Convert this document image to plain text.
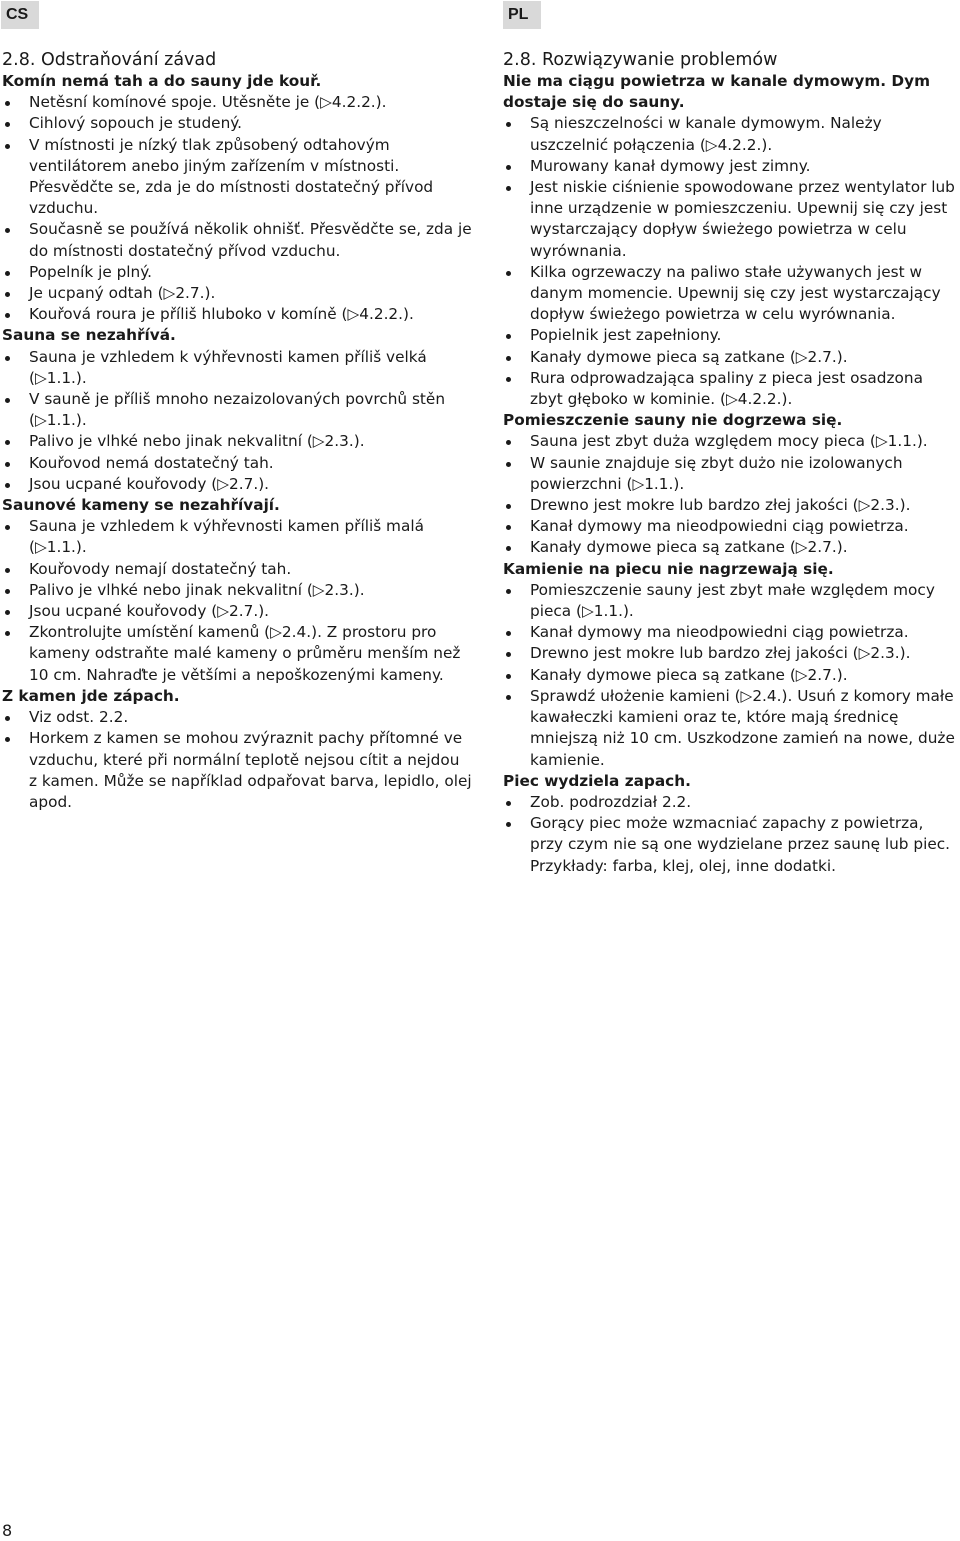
CS	PL
2.8. Odstraňování závad

Komín nemá tah a do sauny jde kouř.

Netěsní komínové spoje. Utěsněte je (▷4.2.2.).
Cihlový sopouch je studený.
V místnosti je nízký tlak způsobený odtahovým ventilátorem anebo jiným zařízením v místnosti. Přesvědčte se, zda je do místnosti dostatečný přívod vzduchu.
Současně se používá několik ohnišť. Přesvědčte se, zda je do místnosti dostatečný přívod vzduchu.
Popelník je plný.
Je ucpaný odtah (▷2.7.).
Kouřová roura je příliš hluboko v komíně (▷4.2.2.).

Sauna se nezahřívá.

Sauna je vzhledem k výhřevnosti kamen příliš velká (▷1.1.).
V sauně je příliš mnoho nezaizolovaných povrchů stěn (▷1.1.).
Palivo je vlhké nebo jinak nekvalitní (▷2.3.).
Kouřovod nemá dostatečný tah.
Jsou ucpané kouřovody (▷2.7.).

Saunové kameny se nezahřívají.

Sauna je vzhledem k výhřevnosti kamen příliš malá (▷1.1.).
Kouřovody nemají dostatečný tah.
Palivo je vlhké nebo jinak nekvalitní (▷2.3.).
Jsou ucpané kouřovody (▷2.7.).
Zkontrolujte umístění kamenů (▷2.4.). Z prostoru pro kameny odstraňte malé kameny o průměru menším než 10 cm. Nahraďte je většími a nepoškozenými kameny.

Z kamen jde zápach.

Viz odst. 2.2.
Horkem z kamen se mohou zvýraznit pachy přítomné ve vzduchu, které při normální teplotě nejsou cítit a nejdou z kamen. Může se například odpařovat barva, lepidlo, olej apod.
2.8. Rozwiązywanie problemów

Nie ma ciągu powietrza w kanale dymowym. Dym dostaje się do sauny.

Są nieszczelności w kanale dymowym. Należy uszczelnić połączenia (▷4.2.2.).
Murowany kanał dymowy jest zimny.
Jest niskie ciśnienie spowodowane przez wentylator lub inne urządzenie w pomieszczeniu. Upewnij się czy jest wystarczający dopływ świeżego powietrza w celu wyrównania.
Kilka ogrzewaczy na paliwo stałe używanych jest w danym momencie. Upewnij się czy jest wystarczający dopływ świeżego powietrza w celu wyrównania.
Popielnik jest zapełniony.
Kanały dymowe pieca są zatkane (▷2.7.).
Rura odprowadzająca spaliny z pieca jest osadzona zbyt głęboko w kominie. (▷4.2.2.).

Pomieszczenie sauny nie dogrzewa się.

Sauna jest zbyt duża względem mocy pieca (▷1.1.).
W saunie znajduje się zbyt dużo nie izolowanych powierzchni (▷1.1.).
Drewno jest mokre lub bardzo złej jakości (▷2.3.).
Kanał dymowy ma nieodpowiedni ciąg powietrza.
Kanały dymowe pieca są zatkane (▷2.7.).

Kamienie na piecu nie nagrzewają się.

Pomieszczenie sauny jest zbyt małe względem mocy pieca (▷1.1.).
Kanał dymowy ma nieodpowiedni ciąg powietrza.
Drewno jest mokre lub bardzo złej jakości (▷2.3.).
Kanały dymowe pieca są zatkane (▷2.7.).
Sprawdź ułożenie kamieni (▷2.4.). Usuń z komory małe kawałeczki kamieni oraz te, które mają średnicę mniejszą niż 10 cm. Uszkodzone zamień na nowe, duże kamienie.

Piec wydziela zapach.

Zob. podrozdział 2.2.
Gorący piec może wzmacniać zapachy z powietrza, przy czym nie są one wydzielane przez saunę lub piec. Przykłady: farba, klej, olej, inne dodatki.
8
